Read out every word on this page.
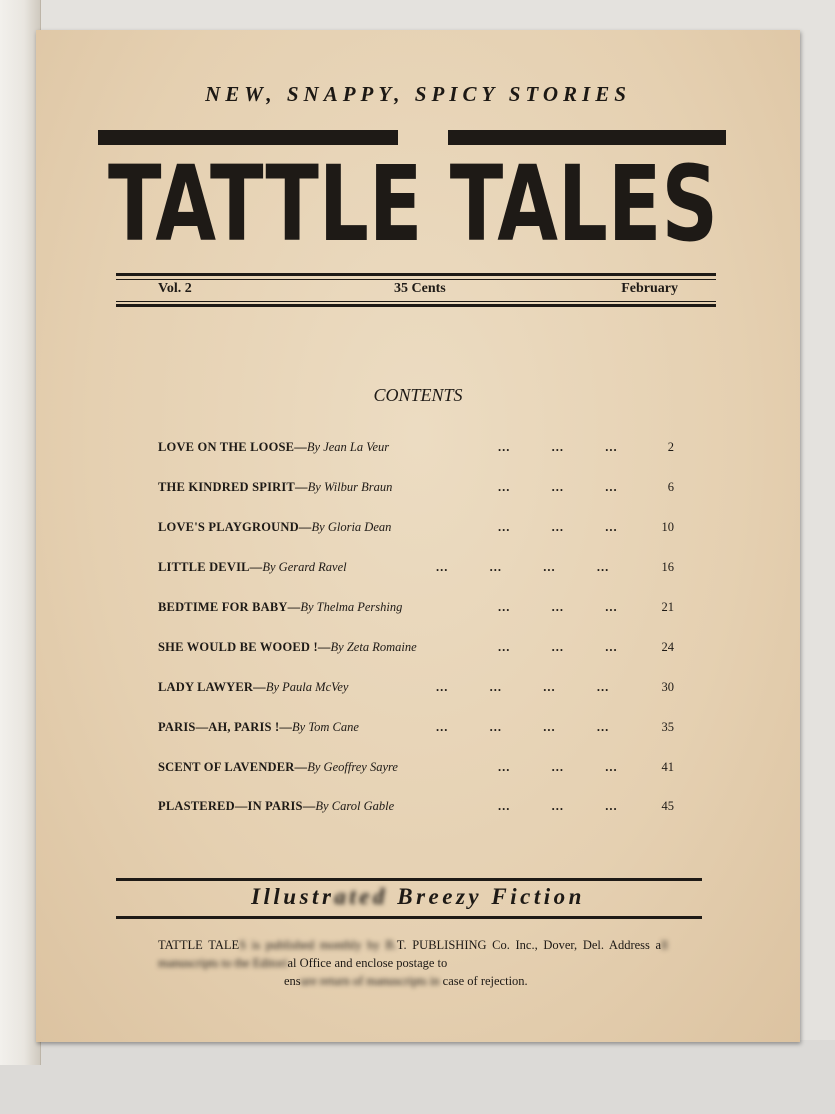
NEW, SNAPPY, SPICY STORIES
TATTLE TALES
Vol. 2	35 Cents	February
CONTENTS
LOVE ON THE LOOSE—By Jean La Veur	...          ...          ...	2
THE KINDRED SPIRIT—By Wilbur Braun	...          ...          ...	6
LOVE'S PLAYGROUND—By Gloria Dean	...          ...          ...	10
LITTLE DEVIL—By Gerard Ravel	...          ...          ...          ...	16
BEDTIME FOR BABY—By Thelma Pershing	...          ...          ...	21
SHE WOULD BE WOOED !—By Zeta Romaine	...          ...          ...	24
LADY LAWYER—By Paula McVey	...          ...          ...          ...	30
PARIS—AH, PARIS !—By Tom Cane	...          ...          ...          ...	35
SCENT OF LAVENDER—By Geoffrey Sayre	...          ...          ...	41
PLASTERED—IN PARIS—By Carol Gable	...          ...          ...	45
Illustrated Breezy Fiction
TATTLE TALES is published monthly by B.T. PUBLISHING Co. Inc., Dover, Del. Address all manuscripts to the Editorial Office and enclose postage to
ensure return of manuscripts in case of rejection.
